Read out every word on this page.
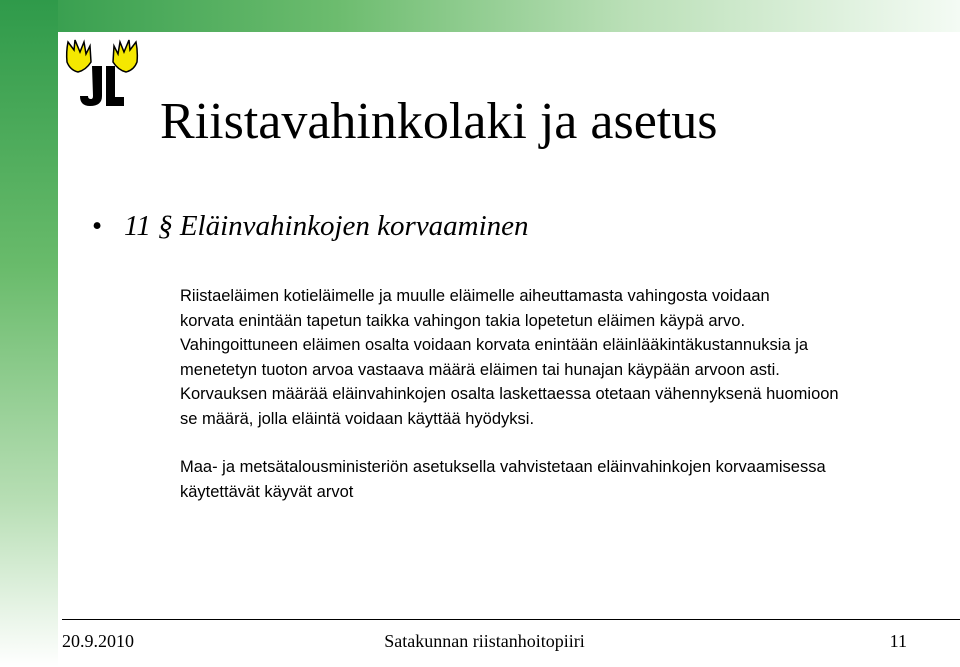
Riistavahinkolaki ja asetus
• 11 § Eläinvahinkojen korvaaminen

Riistaeläimen kotieläimelle ja muulle eläimelle aiheuttamasta vahingosta voidaan
korvata enintään tapetun taikka vahingon takia lopetetun eläimen käypä arvo.
Vahingoittuneen eläimen osalta voidaan korvata enintään eläinlääkintäkustannuksia ja
menetetyn tuoton arvoa vastaava määrä eläimen tai hunajan käypään arvoon asti.
Korvauksen määrää eläinvahinkojen osalta laskettaessa otetaan vähennyksenä huomioon
se määrä, jolla eläintä voidaan käyttää hyödyksi.

Maa- ja metsätalousministeriön asetuksella vahvistetaan eläinvahinkojen korvaamisessa
käytettävät käyvät arvot

20.9.2010	Satakunnan riistanhoitopiiri	11
